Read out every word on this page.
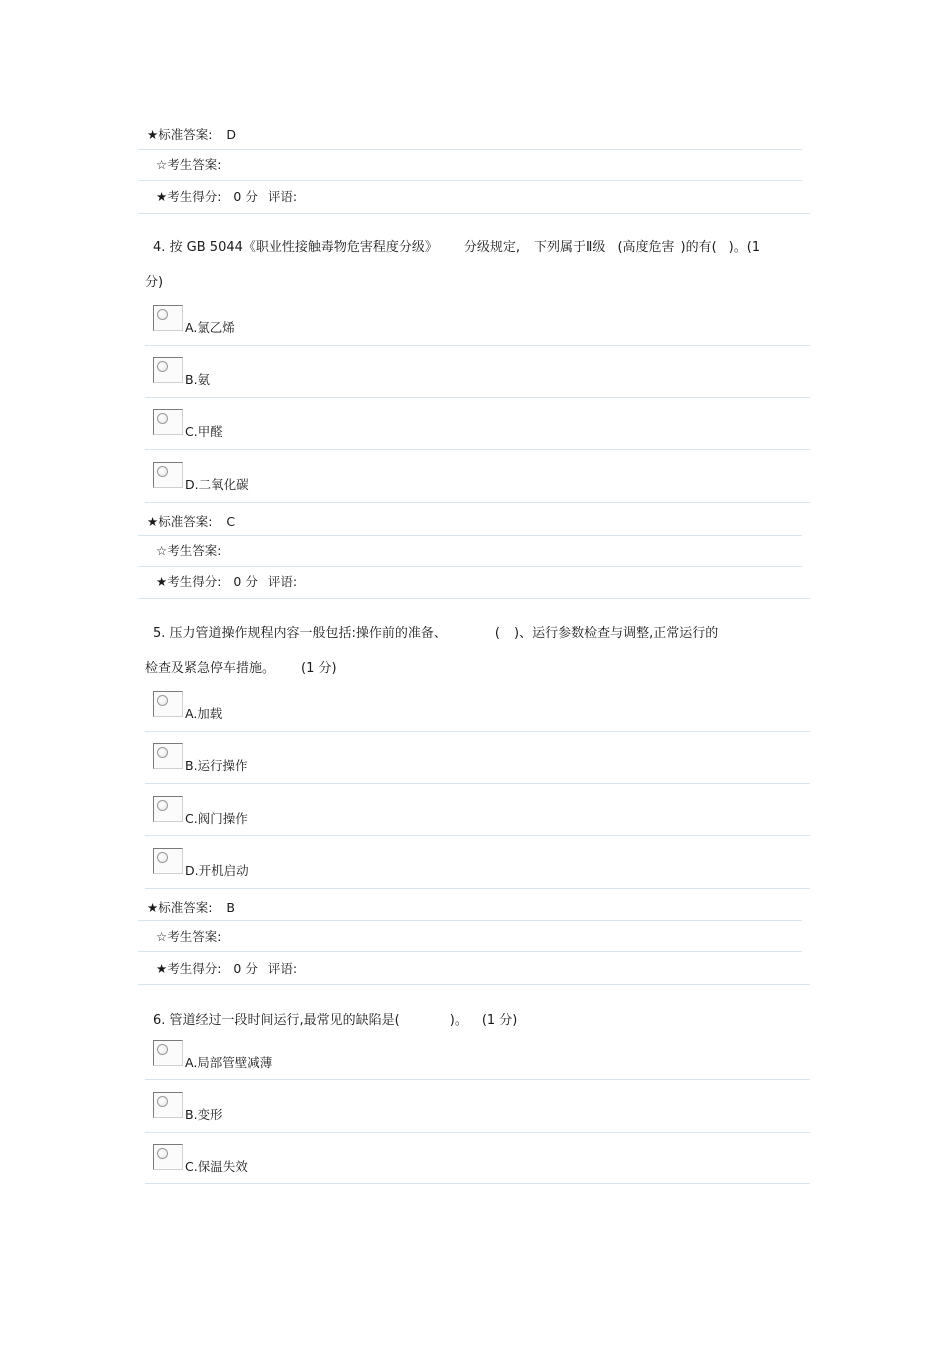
★标准答案: D
☆考生答案:
★考生得分: 0 分 评语:
4. 按 GB 5044《职业性接触毒物危害程度分级》 分级规定, 下列属于Ⅱ级 (高度危害 )的有( )。(1
分)
A.氯乙烯
B.氨
C.甲醛
D.二氧化碳
★标准答案: C
☆考生答案:
★考生得分: 0 分 评语:
5. 压力管道操作规程内容一般包括:操作前的准备、	( )、运行参数检查与调整,正常运行的
检查及紧急停车措施。 (1 分)
A.加载
B.运行操作
C.阀门操作
D.开机启动
★标准答案: B
☆考生答案:
★考生得分: 0 分 评语:
6. 管道经过一段时间运行,最常见的缺陷是(	)。 (1 分)
A.局部管壁减薄
B.变形
C.保温失效
